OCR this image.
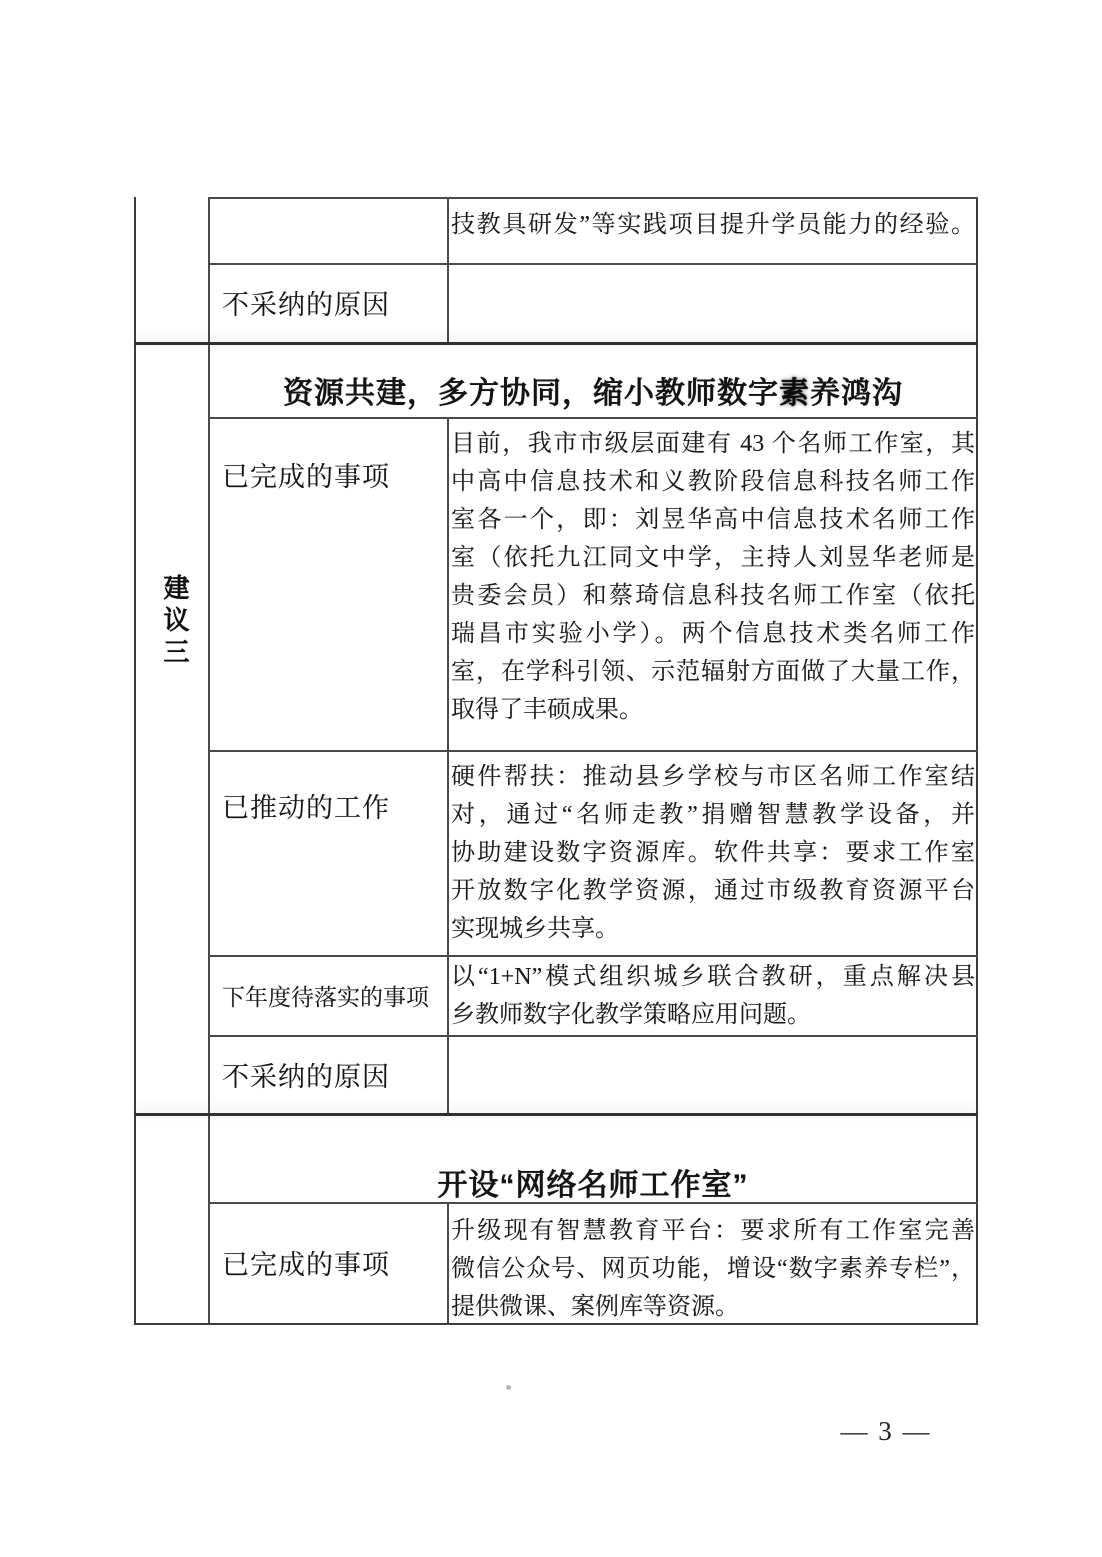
技教具研发”等实践项目提升学员能力的经验。
不采纳的原因
建议三
资源共建，多方协同，缩小教师数字 素 养鸿沟
已完成的事项
目前，我市市级层面建有 43 个名师工作室，其
中高中信息技术和义教阶段信息科技名师工作
室各一个，即：刘昱华高中信息技术名师工作
室（依托九江同文中学，主持人刘昱华老师是
贵委会员）和蔡琦信息科技名师工作室（依托
瑞昌市实验小学）。两个信息技术类名师工作
室，在学科引领、示范辐射方面做了大量工作，
取得了丰硕成果。
已推动的工作
硬件帮扶：推动县乡学校与市区名师工作室结
对，通过“名师走教”捐赠智慧教学设备，并
协助建设数字资源库。软件共享：要求工作室
开放数字化教学资源，通过市级教育资源平台
实现城乡共享。
下年度待落实的事项
以“1+N”模式组织城乡联合教研，重点解决县
乡教师数字化教学策略应用问题。
不采纳的原因
开设“网络名师工作室”
已完成的事项
升级现有智慧教育平台：要求所有工作室完善
微信公众号、网页功能，增设“数字素养专栏”，
提供微课、案例库等资源。
— 3 —
